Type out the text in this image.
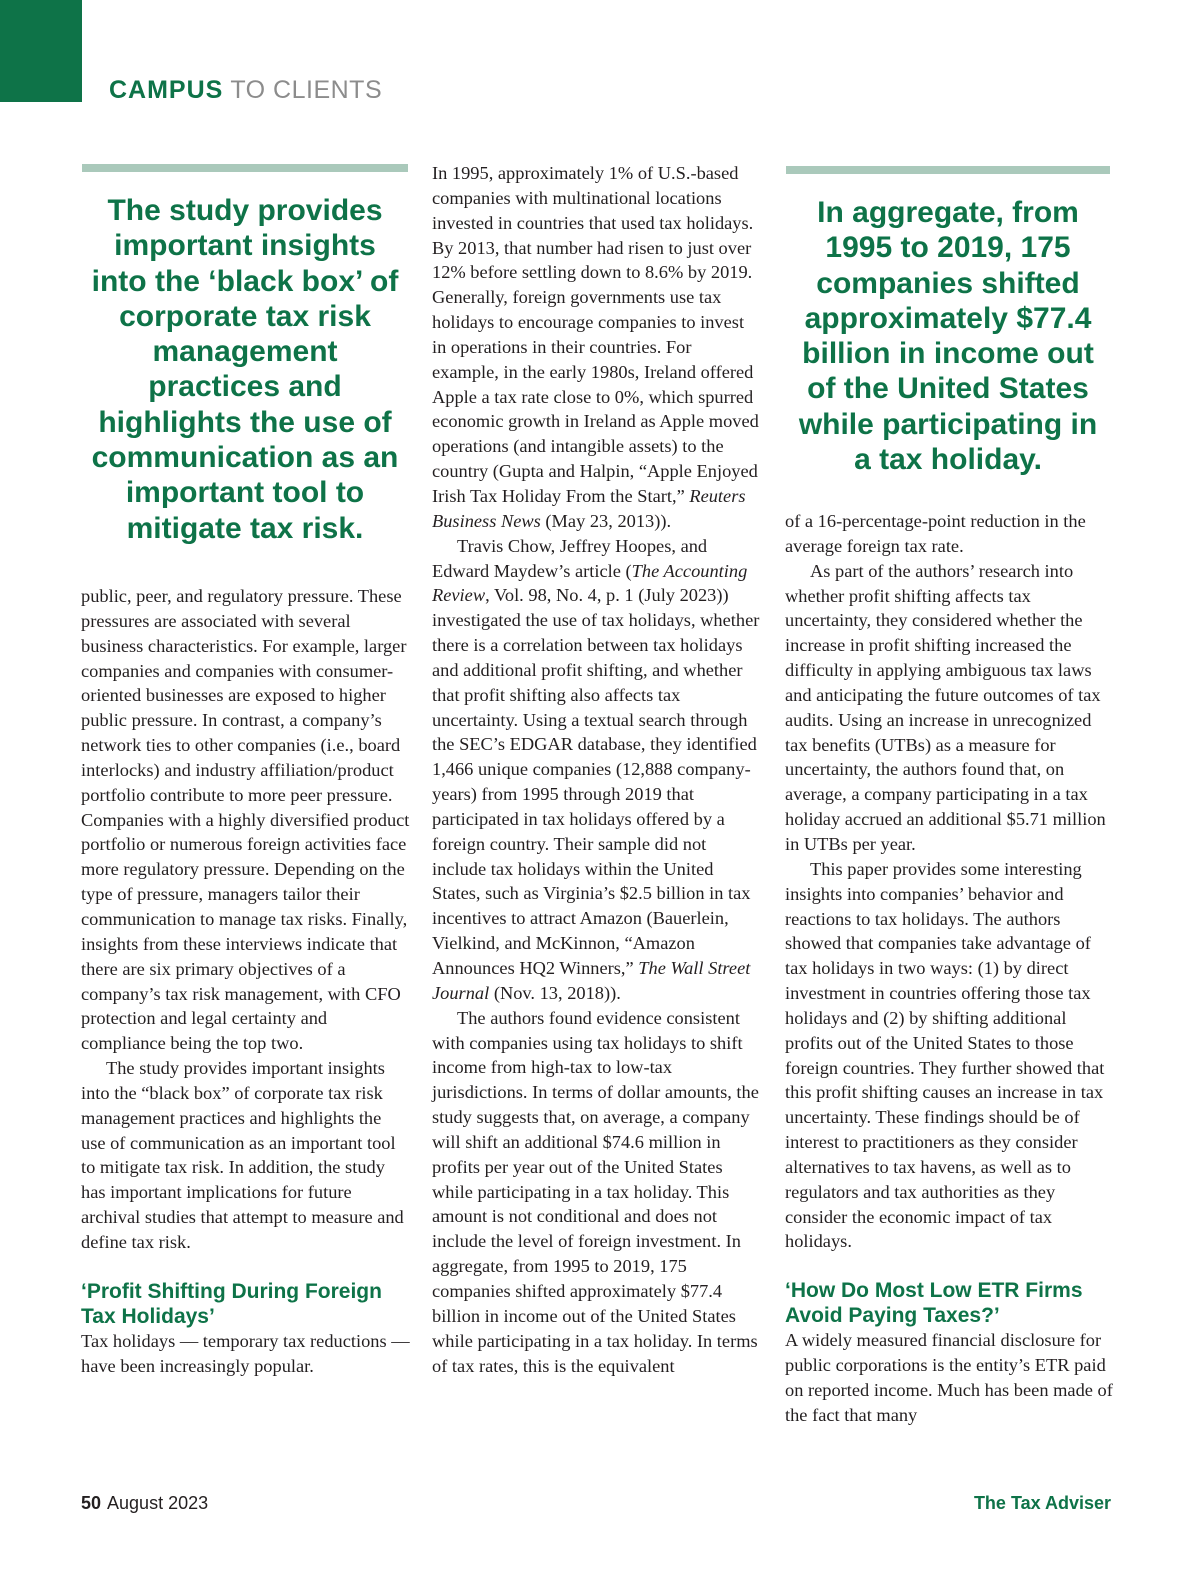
CAMPUS TO CLIENTS
The study provides important insights into the ‘black box’ of corporate tax risk management practices and highlights the use of communication as an important tool to mitigate tax risk.
In aggregate, from 1995 to 2019, 175 companies shifted approximately $77.4 billion in income out of the United States while participating in a tax holiday.

public, peer, and regulatory pressure. These pressures are associated with several business characteristics. For example, larger companies and companies with consumer-oriented businesses are exposed to higher public pressure. In contrast, a company’s network ties to other companies (i.e., board interlocks) and industry affiliation/product portfolio contribute to more peer pressure. Companies with a highly diversified product portfolio or numerous foreign activities face more regulatory pressure. Depending on the type of pressure, managers tailor their communication to manage tax risks. Finally, insights from these interviews indicate that there are six primary objectives of a company’s tax risk management, with CFO protection and legal certainty and compliance being the top two.

The study provides important insights into the “black box” of corporate tax risk management practices and highlights the use of communication as an important tool to mitigate tax risk. In addition, the study has important implications for future archival studies that attempt to measure and define tax risk.

‘Profit Shifting During Foreign Tax Holidays’

Tax holidays — temporary tax reductions — have been increasingly popular.

In 1995, approximately 1% of U.S.-based companies with multinational locations invested in countries that used tax holidays. By 2013, that number had risen to just over 12% before settling down to 8.6% by 2019. Generally, foreign governments use tax holidays to encourage companies to invest in operations in their countries. For example, in the early 1980s, Ireland offered Apple a tax rate close to 0%, which spurred economic growth in Ireland as Apple moved operations (and intangible assets) to the country (Gupta and Halpin, “Apple Enjoyed Irish Tax Holiday From the Start,” Reuters Business News (May 23, 2013)).

Travis Chow, Jeffrey Hoopes, and Edward Maydew’s article (The Accounting Review, Vol. 98, No. 4, p. 1 (July 2023)) investigated the use of tax holidays, whether there is a correlation between tax holidays and additional profit shifting, and whether that profit shifting also affects tax uncertainty. Using a textual search through the SEC’s EDGAR database, they identified 1,466 unique companies (12,888 company-years) from 1995 through 2019 that participated in tax holidays offered by a foreign country. Their sample did not include tax holidays within the United States, such as Virginia’s $2.5 billion in tax incentives to attract Amazon (Bauerlein, Vielkind, and McKinnon, “Amazon Announces HQ2 Winners,” The Wall Street Journal (Nov. 13, 2018)).

The authors found evidence consistent with companies using tax holidays to shift income from high-tax to low-tax jurisdictions. In terms of dollar amounts, the study suggests that, on average, a company will shift an additional $74.6 million in profits per year out of the United States while participating in a tax holiday. This amount is not conditional and does not include the level of foreign investment. In aggregate, from 1995 to 2019, 175 companies shifted approximately $77.4 billion in income out of the United States while participating in a tax holiday. In terms of tax rates, this is the equivalent

of a 16-percentage-point reduction in the average foreign tax rate.

As part of the authors’ research into whether profit shifting affects tax uncertainty, they considered whether the increase in profit shifting increased the difficulty in applying ambiguous tax laws and anticipating the future outcomes of tax audits. Using an increase in unrecognized tax benefits (UTBs) as a measure for uncertainty, the authors found that, on average, a company participating in a tax holiday accrued an additional $5.71 million in UTBs per year.

This paper provides some interesting insights into companies’ behavior and reactions to tax holidays. The authors showed that companies take advantage of tax holidays in two ways: (1) by direct investment in countries offering those tax holidays and (2) by shifting additional profits out of the United States to those foreign countries. They further showed that this profit shifting causes an increase in tax uncertainty. These findings should be of interest to practitioners as they consider alternatives to tax havens, as well as to regulators and tax authorities as they consider the economic impact of tax holidays.

‘How Do Most Low ETR Firms Avoid Paying Taxes?’

A widely measured financial disclosure for public corporations is the entity’s ETR paid on reported income. Much has been made of the fact that many

50 August 2023	The Tax Adviser
